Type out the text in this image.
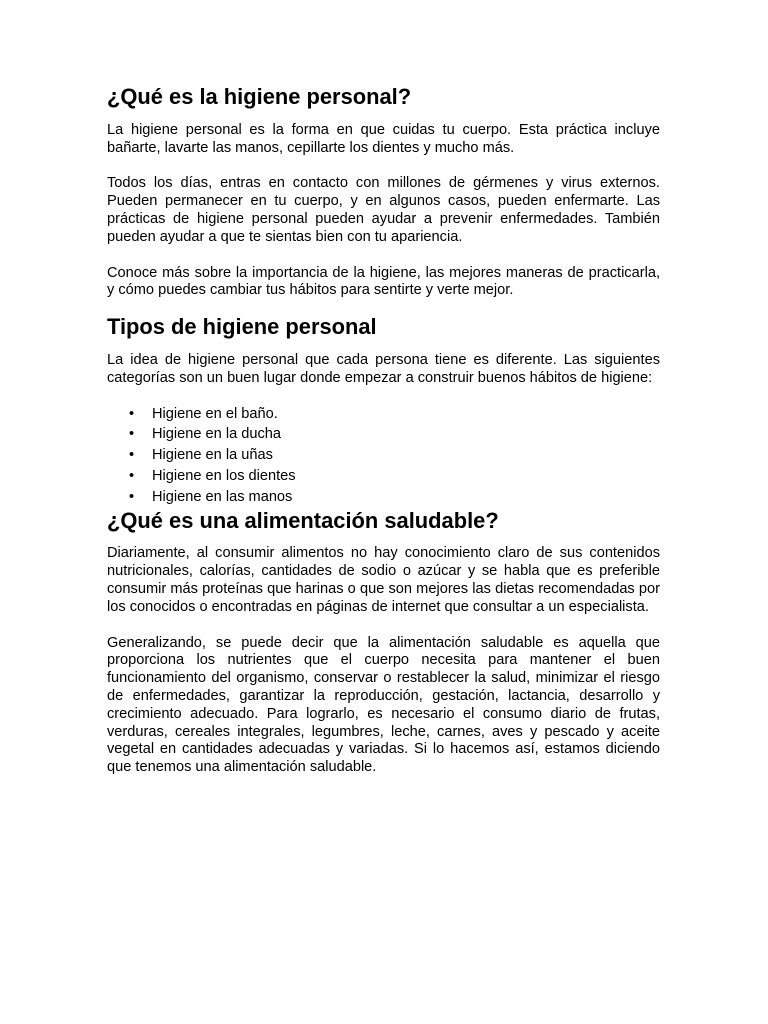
¿Qué es la higiene personal?

La higiene personal es la forma en que cuidas tu cuerpo. Esta práctica incluye bañarte, lavarte las manos, cepillarte los dientes y mucho más.

Todos los días, entras en contacto con millones de gérmenes y virus externos. Pueden permanecer en tu cuerpo, y en algunos casos, pueden enfermarte. Las prácticas de higiene personal pueden ayudar a prevenir enfermedades. También pueden ayudar a que te sientas bien con tu apariencia.

Conoce más sobre la importancia de la higiene, las mejores maneras de practicarla, y cómo puedes cambiar tus hábitos para sentirte y verte mejor.

Tipos de higiene personal

La idea de higiene personal que cada persona tiene es diferente. Las siguientes categorías son un buen lugar donde empezar a construir buenos hábitos de higiene:

• Higiene en el baño.
• Higiene en la ducha
• Higiene en la uñas
• Higiene en los dientes
• Higiene en las manos
¿Qué es una alimentación saludable?

Diariamente, al consumir alimentos no hay conocimiento claro de sus contenidos nutricionales, calorías, cantidades de sodio o azúcar y se habla que es preferible consumir más proteínas que harinas o que son mejores las dietas recomendadas por los conocidos o encontradas en páginas de internet que consultar a un especialista.

Generalizando, se puede decir que la alimentación saludable es aquella que proporciona los nutrientes que el cuerpo necesita para mantener el buen funcionamiento del organismo, conservar o restablecer la salud, minimizar el riesgo de enfermedades, garantizar la reproducción, gestación, lactancia, desarrollo y crecimiento adecuado. Para lograrlo, es necesario el consumo diario de frutas, verduras, cereales integrales, legumbres, leche, carnes, aves y pescado y aceite vegetal en cantidades adecuadas y variadas. Si lo hacemos así, estamos diciendo que tenemos una alimentación saludable.
